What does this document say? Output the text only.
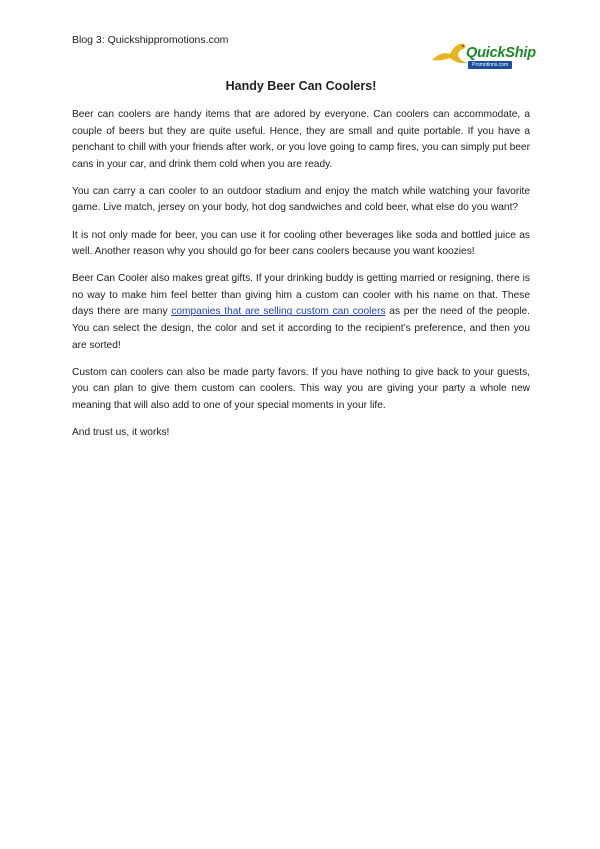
Blog 3: Quickshippromotions.com
QuickShip
Promotions.com
Handy Beer Can Coolers!

Beer can coolers are handy items that are adored by everyone. Can coolers can accommodate, a couple of beers but they are quite useful. Hence, they are small and quite portable. If you have a penchant to chill with your friends after work, or you love going to camp fires, you can simply put beer cans in your car, and drink them cold when you are ready.

You can carry a can cooler to an outdoor stadium and enjoy the match while watching your favorite game. Live match, jersey on your body, hot dog sandwiches and cold beer, what else do you want?

It is not only made for beer, you can use it for cooling other beverages like soda and bottled juice as well. Another reason why you should go for beer cans coolers because you want koozies!

Beer Can Cooler also makes great gifts. If your drinking buddy is getting married or resigning, there is no way to make him feel better than giving him a custom can cooler with his name on that. These days there are many companies that are selling custom can coolers as per the need of the people. You can select the design, the color and set it according to the recipient’s preference, and then you are sorted!

Custom can coolers can also be made party favors. If you have nothing to give back to your guests, you can plan to give them custom can coolers. This way you are giving your party a whole new meaning that will also add to one of your special moments in your life.

And trust us, it works!
